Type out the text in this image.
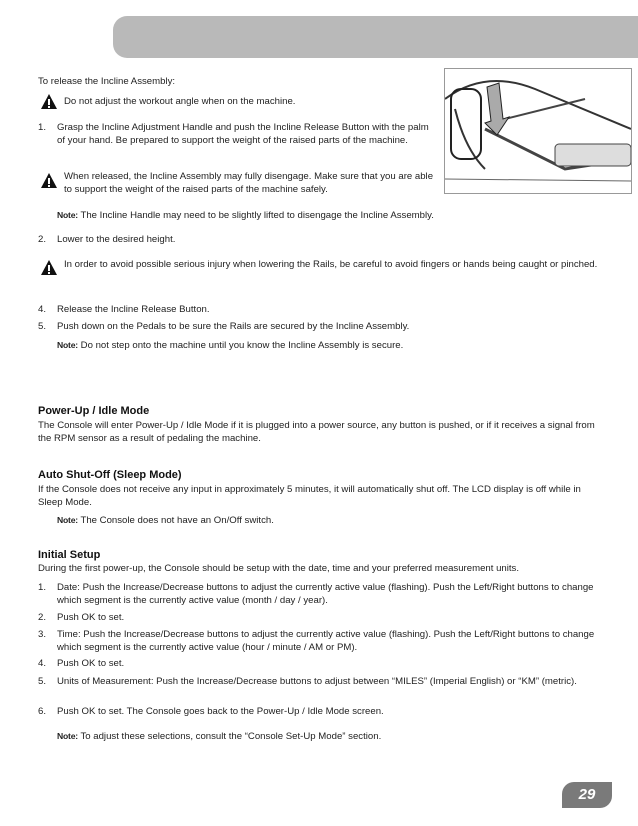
To release the Incline Assembly:
Do not adjust the workout angle when on the machine.
1. Grasp the Incline Adjustment Handle and push the Incline Release Button with the palm of your hand. Be prepared to support the weight of the raised parts of the machine.
When released, the Incline Assembly may fully disengage. Make sure that you are able to support the weight of the raised parts of the machine safely.
Note: The Incline Handle may need to be slightly lifted to disengage the Incline Assembly.
2. Lower to the desired height.
In order to avoid possible serious injury when lowering the Rails, be careful to avoid fingers or hands being caught or pinched.
4. Release the Incline Release Button.
5. Push down on the Pedals to be sure the Rails are secured by the Incline Assembly.
Note: Do not step onto the machine until you know the Incline Assembly is secure.
Power-Up / Idle Mode
The Console will enter Power-Up / Idle Mode if it is plugged into a power source, any button is pushed, or if it receives a signal from the RPM sensor as a result of pedaling the machine.
Auto Shut-Off (Sleep Mode)
If the Console does not receive any input in approximately 5 minutes, it will automatically shut off. The LCD display is off while in Sleep Mode.
Note: The Console does not have an On/Off switch.
Initial Setup
During the first power-up, the Console should be setup with the date, time and your preferred measurement units.
1. Date: Push the Increase/Decrease buttons to adjust the currently active value (flashing). Push the Left/Right buttons to change which segment is the currently active value (month / day / year).
2. Push OK to set.
3. Time: Push the Increase/Decrease buttons to adjust the currently active value (flashing). Push the Left/Right buttons to change which segment is the currently active value (hour / minute / AM or PM).
4. Push OK to set.
5. Units of Measurement: Push the Increase/Decrease buttons to adjust between “MILES” (Imperial English) or “KM” (metric).
6. Push OK to set. The Console goes back to the Power-Up / Idle Mode screen.
Note: To adjust these selections, consult the “Console Set-Up Mode” section.
29
